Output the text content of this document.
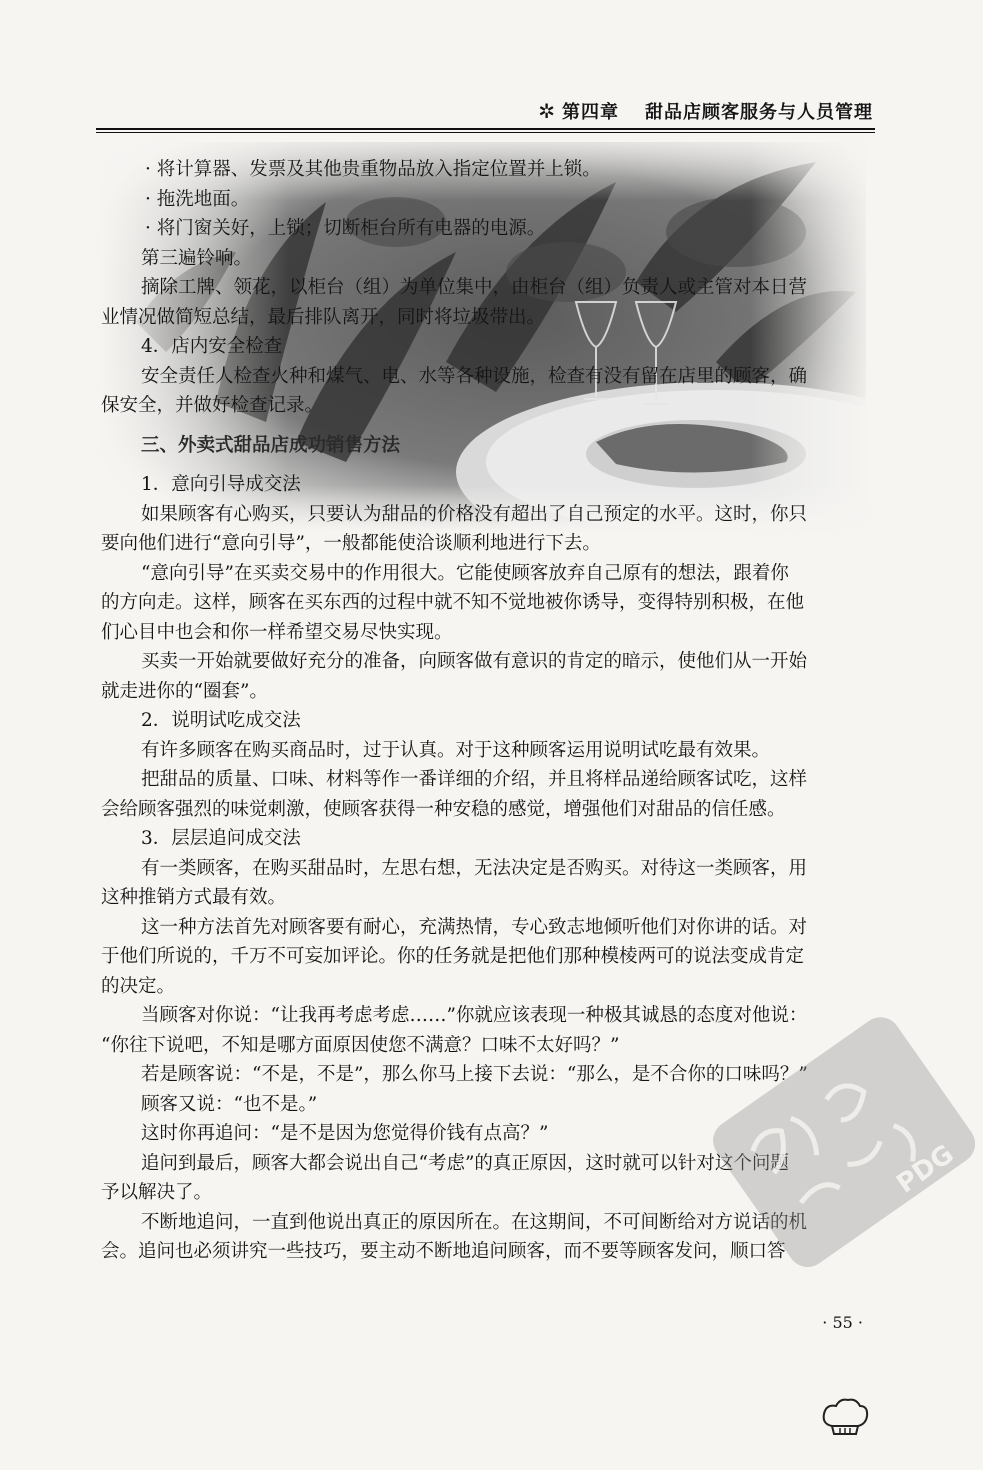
✲ 第四章 甜品店顾客服务与人员管理
· 将计算器、发票及其他贵重物品放入指定位置并上锁。
· 拖洗地面。
· 将门窗关好，上锁；切断柜台所有电器的电源。
第三遍铃响。
摘除工牌、领花，以柜台（组）为单位集中，由柜台（组）负责人或主管对本日营
业情况做简短总结，最后排队离开，同时将垃圾带出。
4．店内安全检查
安全责任人检查火种和煤气、电、水等各种设施，检查有没有留在店里的顾客，确
保安全，并做好检查记录。
三、外卖式甜品店成功销售方法
1．意向引导成交法
如果顾客有心购买，只要认为甜品的价格没有超出了自己预定的水平。这时，你只
要向他们进行“意向引导”，一般都能使洽谈顺利地进行下去。
“意向引导”在买卖交易中的作用很大。它能使顾客放弃自己原有的想法，跟着你
的方向走。这样，顾客在买东西的过程中就不知不觉地被你诱导，变得特别积极，在他
们心目中也会和你一样希望交易尽快实现。
买卖一开始就要做好充分的准备，向顾客做有意识的肯定的暗示，使他们从一开始
就走进你的“圈套”。
2．说明试吃成交法
有许多顾客在购买商品时，过于认真。对于这种顾客运用说明试吃最有效果。
把甜品的质量、口味、材料等作一番详细的介绍，并且将样品递给顾客试吃，这样
会给顾客强烈的味觉刺激，使顾客获得一种安稳的感觉，增强他们对甜品的信任感。
3．层层追问成交法
有一类顾客，在购买甜品时，左思右想，无法决定是否购买。对待这一类顾客，用
这种推销方式最有效。
这一种方法首先对顾客要有耐心，充满热情，专心致志地倾听他们对你讲的话。对
于他们所说的，千万不可妄加评论。你的任务就是把他们那种模棱两可的说法变成肯定
的决定。
当顾客对你说：“让我再考虑考虑……”你就应该表现一种极其诚恳的态度对他说：
“你往下说吧，不知是哪方面原因使您不满意？口味不太好吗？”
若是顾客说：“不是，不是”，那么你马上接下去说：“那么，是不合你的口味吗？”
顾客又说：“也不是。”
这时你再追问：“是不是因为您觉得价钱有点高？”
追问到最后，顾客大都会说出自己“考虑”的真正原因，这时就可以针对这个问题
予以解决了。
不断地追问，一直到他说出真正的原因所在。在这期间，不可间断给对方说话的机
会。追问也必须讲究一些技巧，要主动不断地追问顾客，而不要等顾客发问，顺口答
· 55 ·
PDG
